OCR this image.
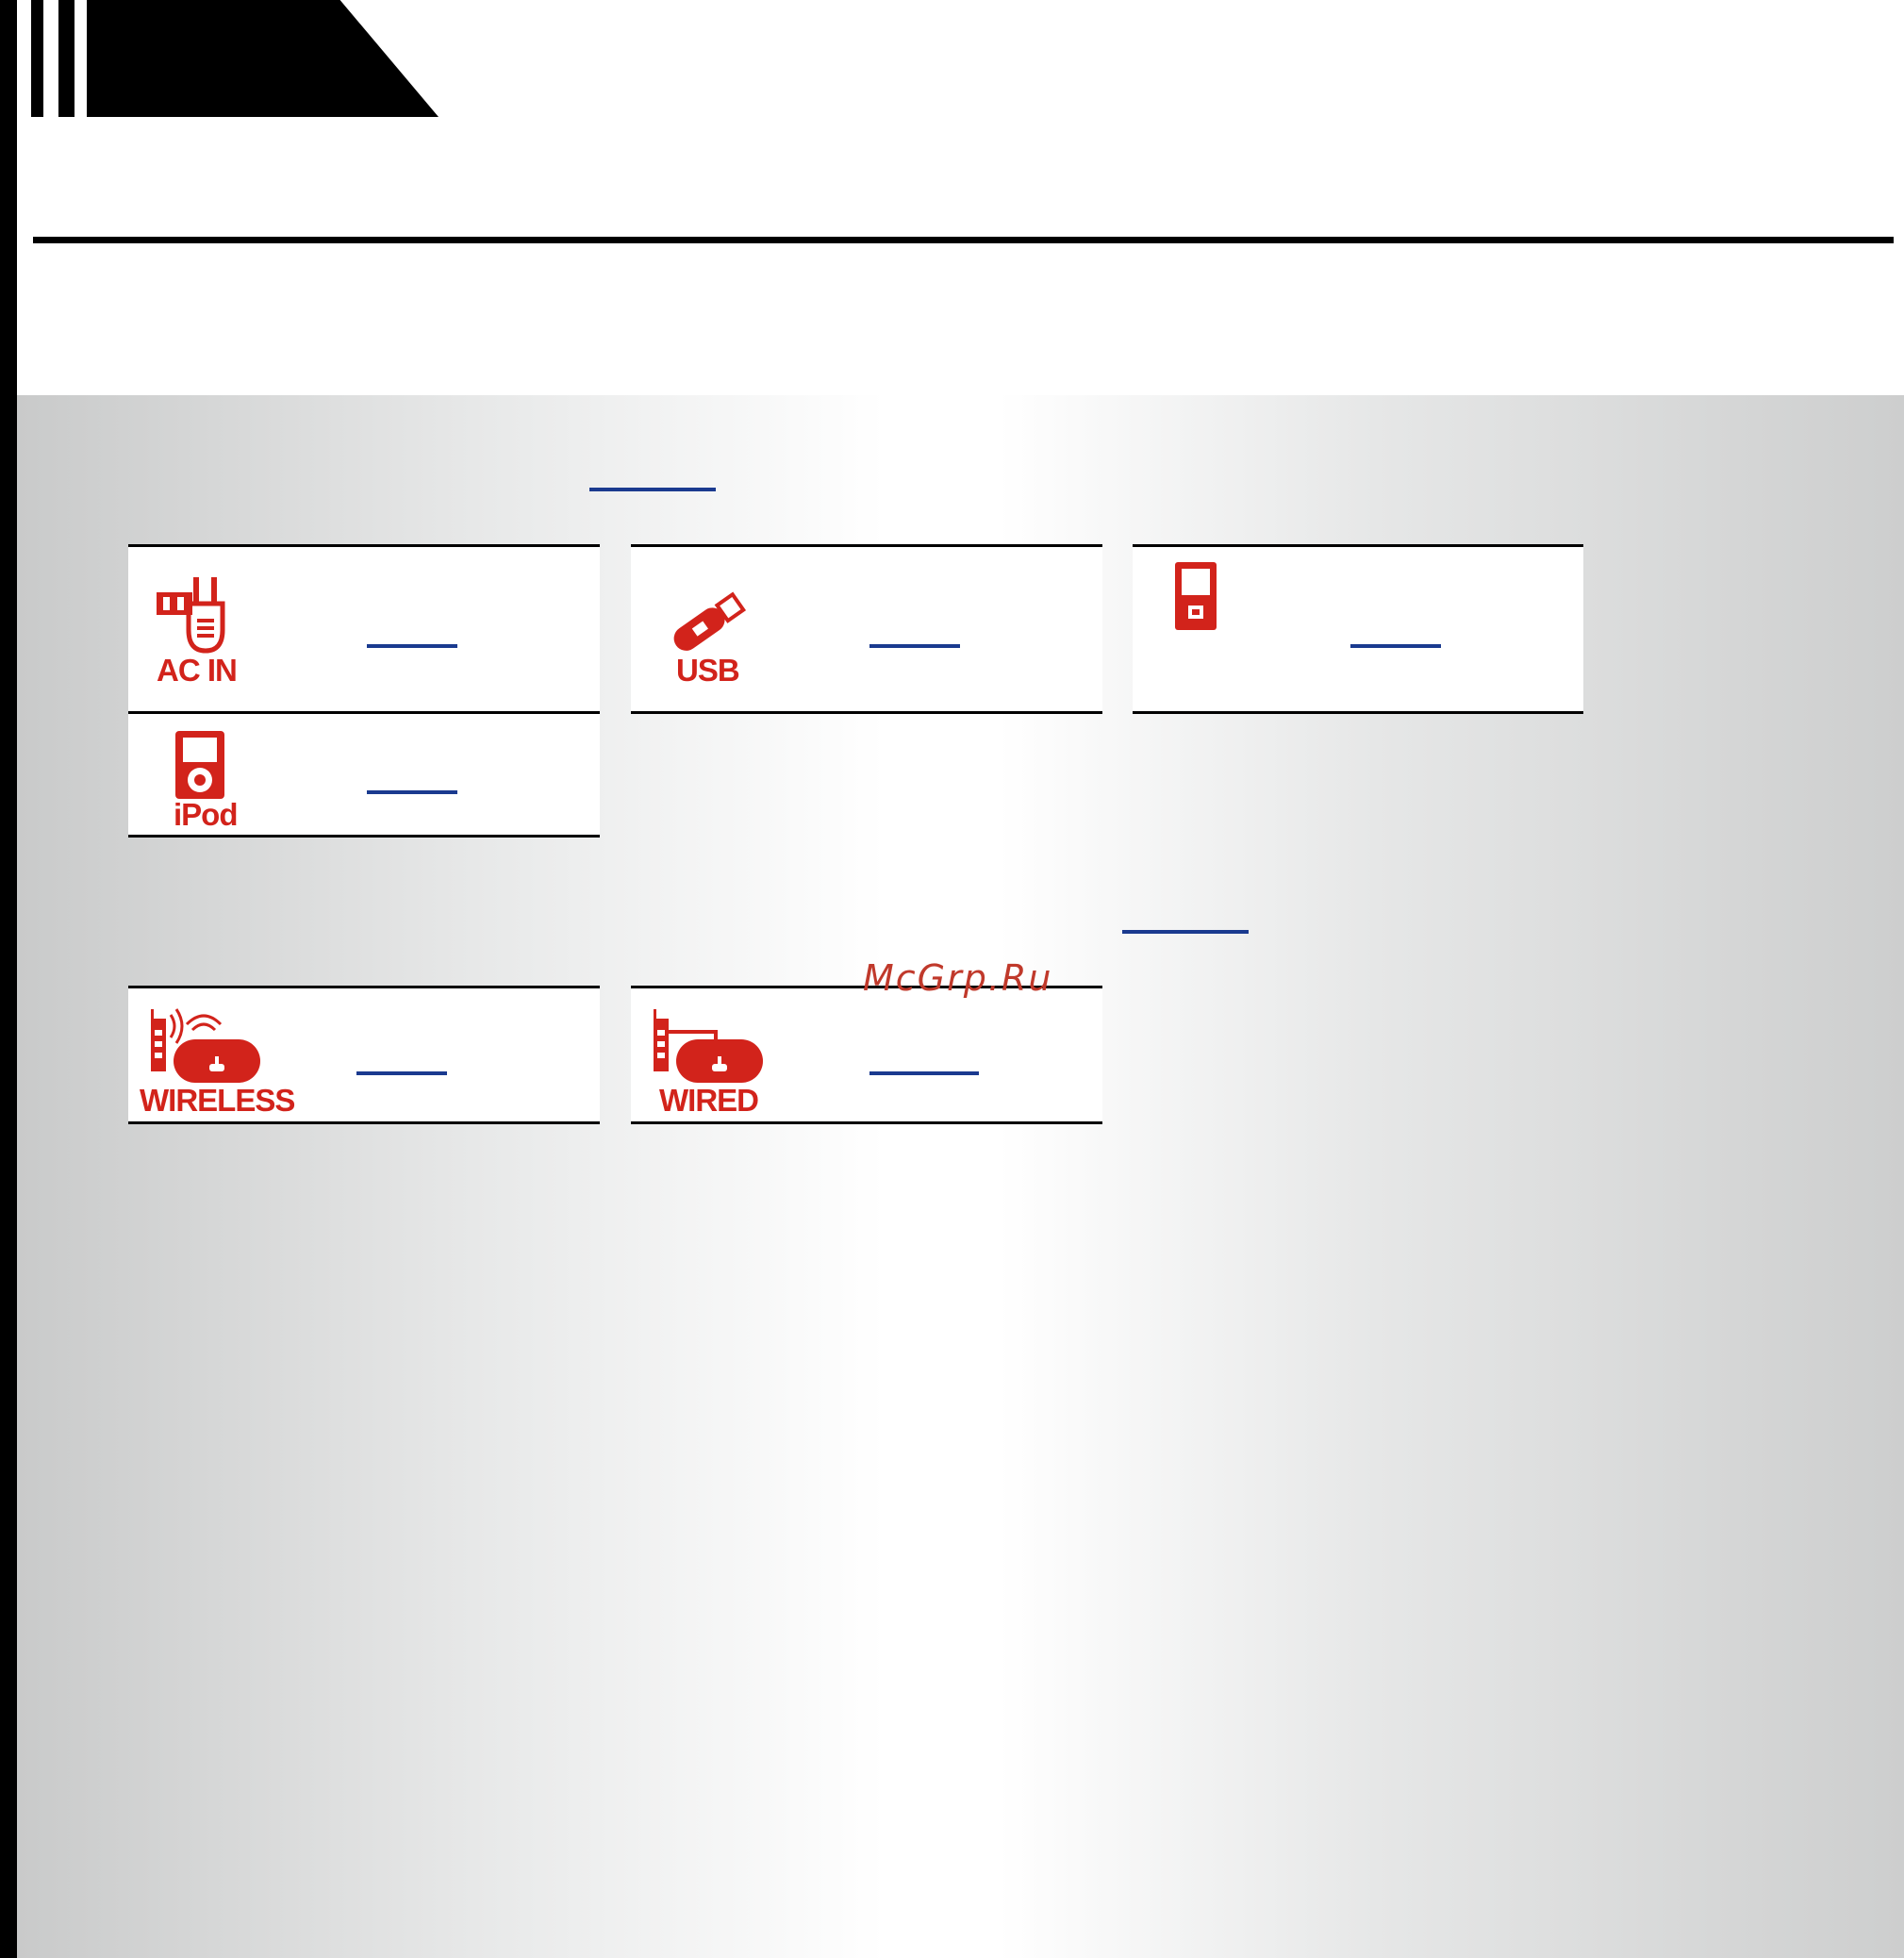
AC IN	USB
iPod
WIRELESS	WIRED
McGrp.Ru
